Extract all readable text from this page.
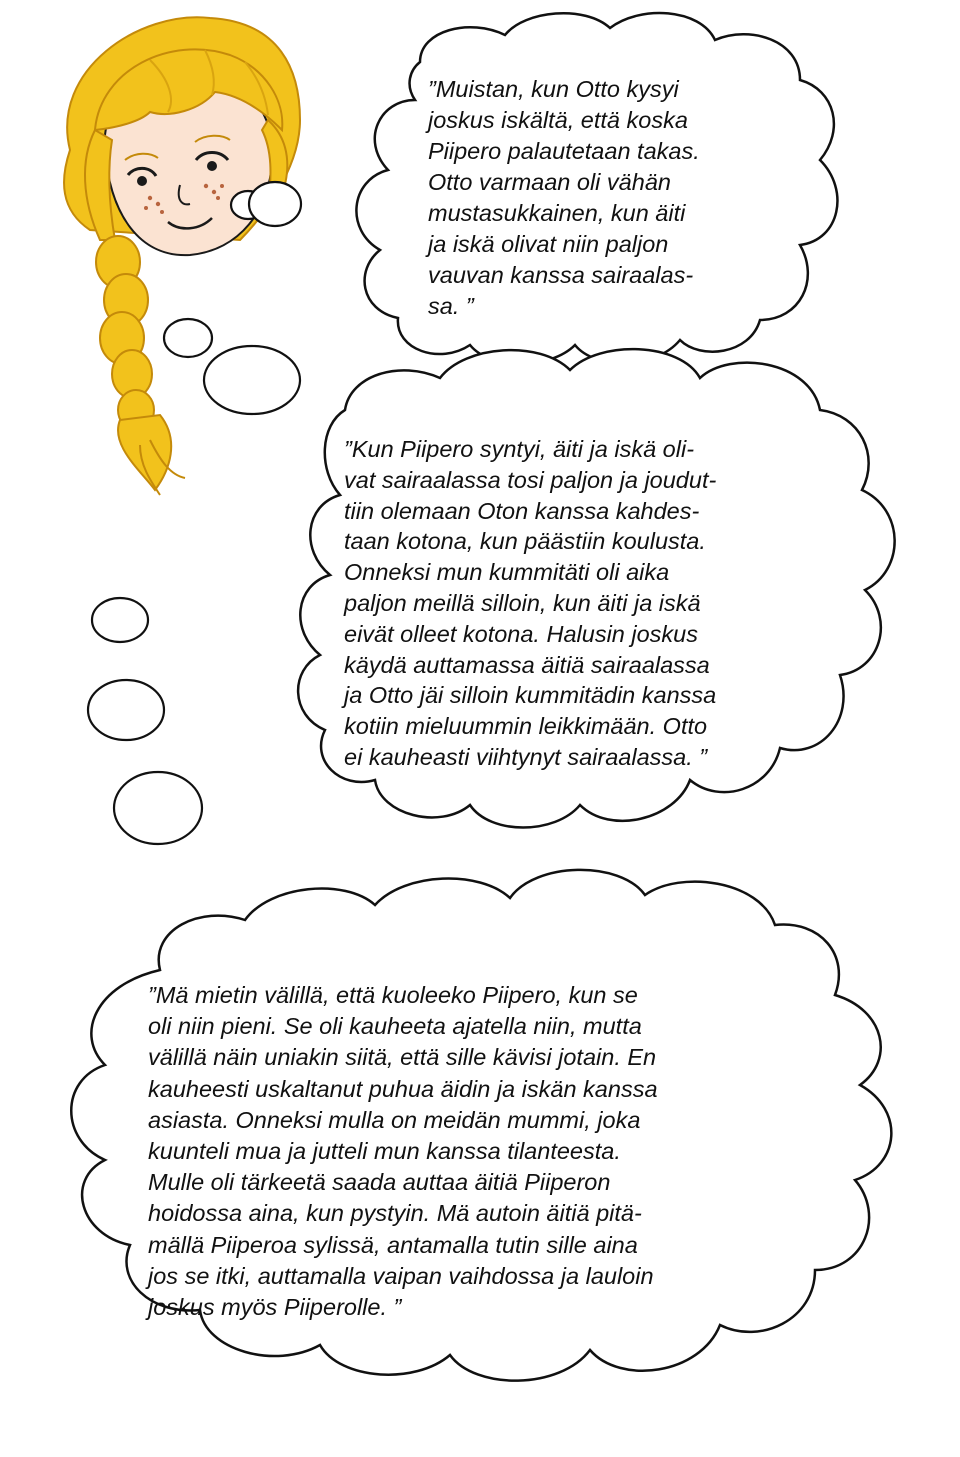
”Muistan, kun Otto kysyi
joskus iskältä, että koska
Piipero palautetaan takas.
Otto varmaan oli vähän
mustasukkainen, kun äiti
ja iskä olivat niin paljon
vauvan kanssa sairaalas-
sa. ”

”Kun Piipero syntyi, äiti ja iskä oli-
vat sairaalassa tosi paljon ja joudut-
tiin olemaan Oton kanssa kahdes-
taan kotona, kun päästiin koulusta.
Onneksi mun kummitäti oli aika
paljon meillä silloin, kun äiti ja iskä
eivät olleet kotona. Halusin joskus
käydä auttamassa äitiä sairaalassa
ja Otto jäi silloin kummitädin kanssa
kotiin mieluummin leikkimään. Otto
ei kauheasti viihtynyt sairaalassa. ”

”Mä mietin välillä, että kuoleeko Piipero, kun se
oli niin pieni. Se oli kauheeta ajatella niin, mutta
välillä näin uniakin siitä, että sille kävisi jotain. En
kauheesti uskaltanut puhua äidin ja iskän kanssa
asiasta. Onneksi mulla on meidän mummi, joka
kuunteli mua ja jutteli mun kanssa tilanteesta.
Mulle oli tärkeetä saada auttaa äitiä Piiperon
hoidossa aina, kun pystyin. Mä autoin äitiä pitä-
mällä Piiperoa sylissä, antamalla tutin sille aina
jos se itki, auttamalla vaipan vaihdossa ja lauloin
joskus myös Piiperolle. ”
